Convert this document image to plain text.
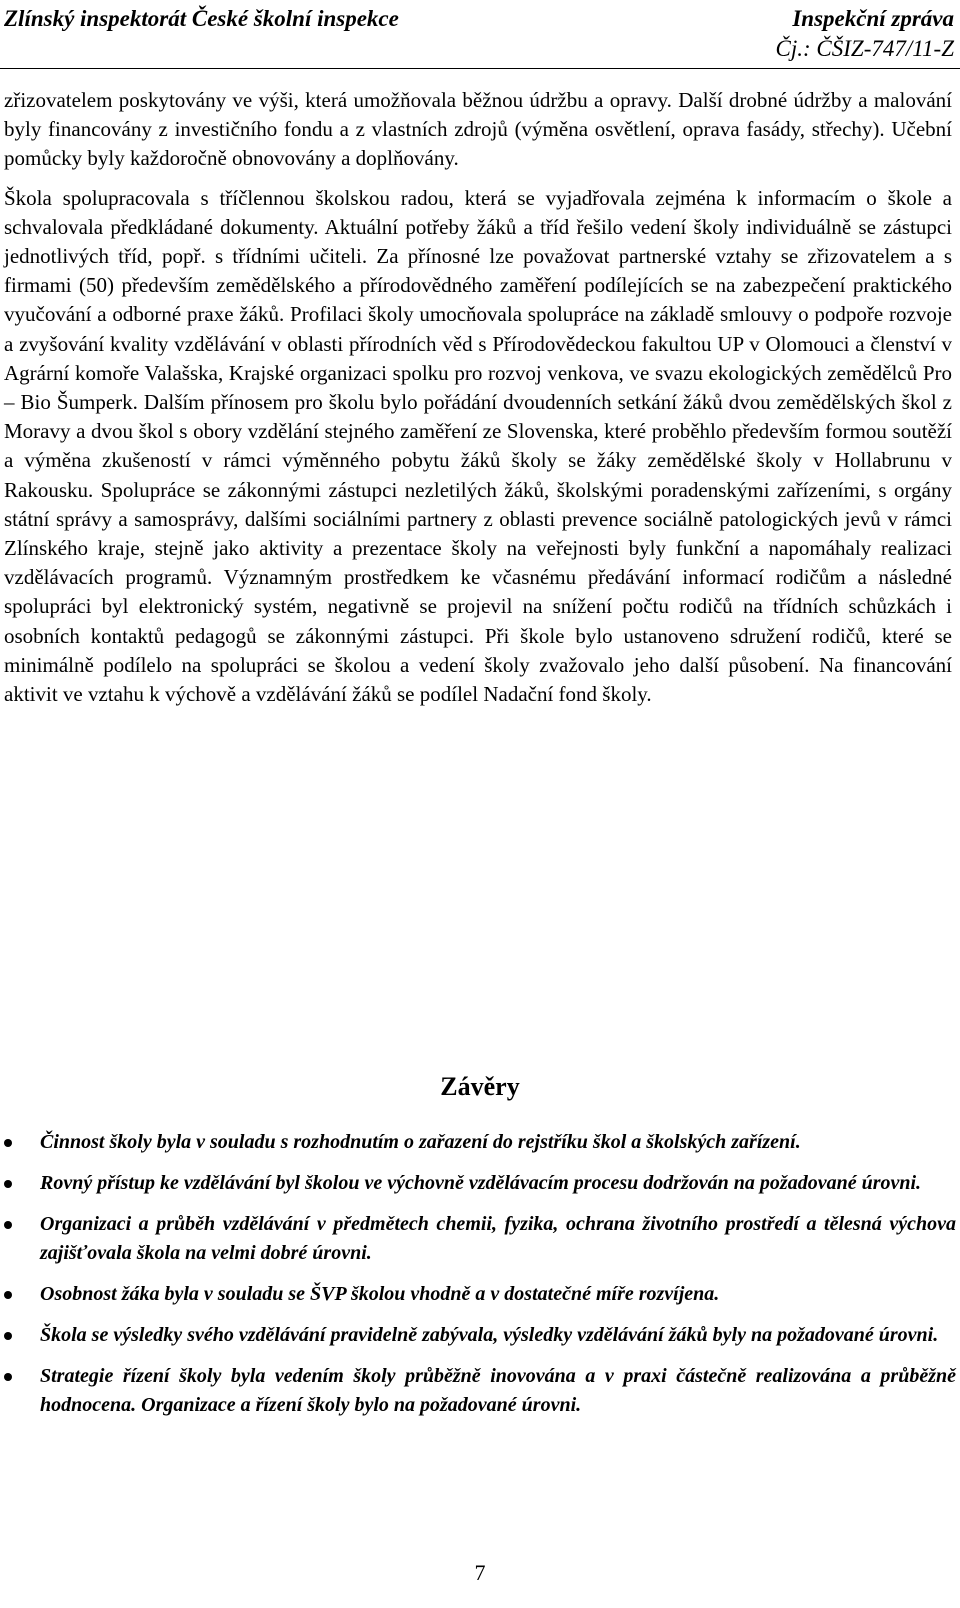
Zlínský inspektorát České školní inspekce	Inspekční zpráva
Čj.: ČŠIZ-747/11-Z

zřizovatelem poskytovány ve výši, která umožňovala běžnou údržbu a opravy. Další drobné údržby a malování byly financovány z investičního fondu a z vlastních zdrojů (výměna osvětlení, oprava fasády, střechy). Učební pomůcky byly každoročně obnovovány a doplňovány.

Škola spolupracovala s tříčlennou školskou radou, která se vyjadřovala zejména k informacím o škole a schvalovala předkládané dokumenty. Aktuální potřeby žáků a tříd řešilo vedení školy individuálně se zástupci jednotlivých tříd, popř. s třídními učiteli. Za přínosné lze považovat partnerské vztahy se zřizovatelem a s firmami (50) především zemědělského a přírodovědného zaměření podílejících se na zabezpečení praktického vyučování a odborné praxe žáků. Profilaci školy umocňovala spolupráce na základě smlouvy o podpoře rozvoje a zvyšování kvality vzdělávání v oblasti přírodních věd s Přírodovědeckou fakultou UP v Olomouci a členství v Agrární komoře Valašska, Krajské organizaci spolku pro rozvoj venkova, ve svazu ekologických zemědělců Pro – Bio Šumperk. Dalším přínosem pro školu bylo pořádání dvoudenních setkání žáků dvou zemědělských škol z Moravy a dvou škol s obory vzdělání stejného zaměření ze Slovenska, které proběhlo především formou soutěží a výměna zkušeností v rámci výměnného pobytu žáků školy se žáky zemědělské školy v Hollabrunu v Rakousku. Spolupráce se zákonnými zástupci nezletilých žáků, školskými poradenskými zařízeními, s orgány státní správy a samosprávy, dalšími sociálními partnery z oblasti prevence sociálně patologických jevů v rámci Zlínského kraje, stejně jako aktivity a prezentace školy na veřejnosti byly funkční a napomáhaly realizaci vzdělávacích programů. Významným prostředkem ke včasnému předávání informací rodičům a následné spolupráci byl elektronický systém, negativně se projevil na snížení počtu rodičů na třídních schůzkách i osobních kontaktů pedagogů se zákonnými zástupci. Při škole bylo ustanoveno sdružení rodičů, které se minimálně podílelo na spolupráci se školou a vedení školy zvažovalo jeho další působení. Na financování aktivit ve vztahu k výchově a vzdělávání žáků se podílel Nadační fond školy.

Závěry
Činnost školy byla v souladu s rozhodnutím o zařazení do rejstříku škol a školských zařízení.
Rovný přístup ke vzdělávání byl školou ve výchovně vzdělávacím procesu dodržován na požadované úrovni.
Organizaci a průběh vzdělávání v předmětech chemii, fyzika, ochrana životního prostředí a tělesná výchova zajišťovala škola na velmi dobré úrovni.
Osobnost žáka byla v souladu se ŠVP školou vhodně a v dostatečné míře rozvíjena.
Škola se výsledky svého vzdělávání pravidelně zabývala, výsledky vzdělávání žáků byly na požadované úrovni.
Strategie řízení školy byla vedením školy průběžně inovována a v praxi částečně realizována a průběžně hodnocena. Organizace a řízení školy bylo na požadované úrovni.
7
